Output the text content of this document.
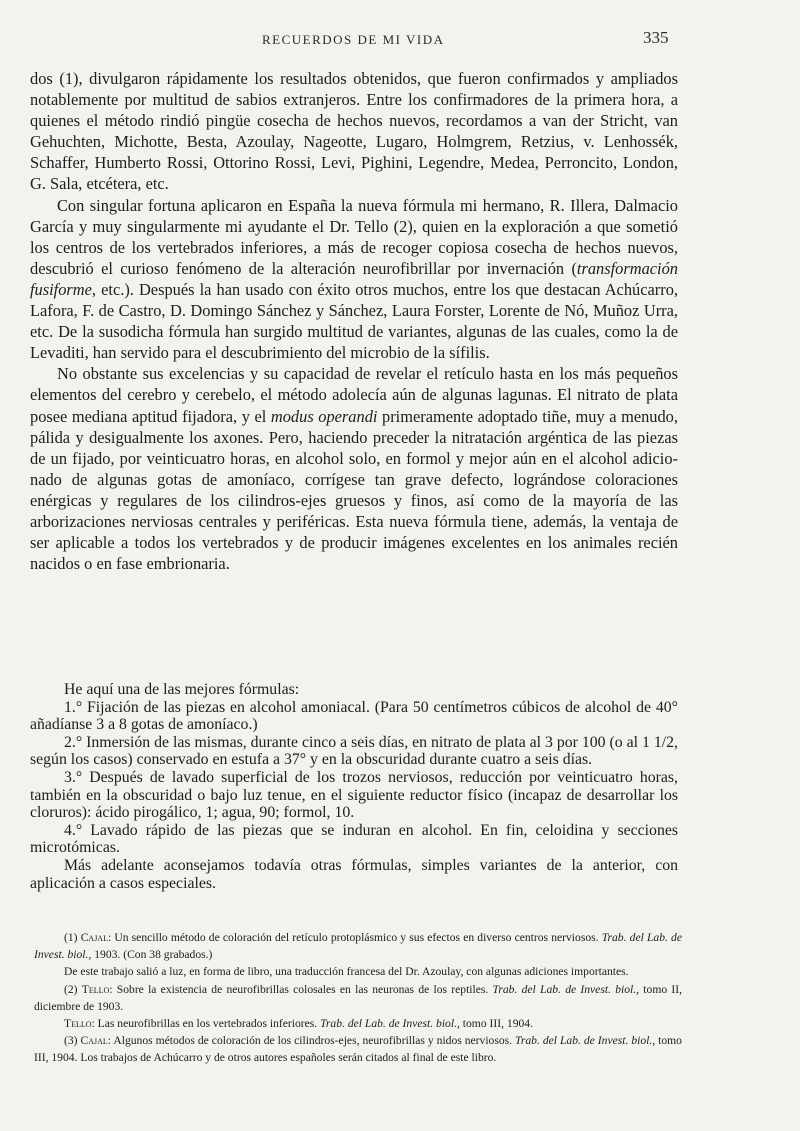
RECUERDOS DE MI VIDA	335

dos (1), divulgaron rápidamente los resultados obtenidos, que fueron confirmados y ampliados notablemente por multitud de sabios extranjeros. Entre los confirmadores de la primera hora, a quienes el método rindió pingüe cosecha de hechos nuevos, recordamos a van der Stricht, van Gehuchten, Michotte, Besta, Azoulay, Nageotte, Lugaro, Holmgrem, Retzius, v. Lenhossék, Schaffer, Humberto Rossi, Ottorino Rossi, Levi, Pighini, Legendre, Medea, Perroncito, London, G. Sala, etcétera, etc.

Con singular fortuna aplicaron en España la nueva fórmula mi hermano, R. Illera, Dalmacio García y muy singularmente mi ayudante el Dr. Tello (2), quien en la exploración a que sometió los centros de los vertebrados inferiores, a más de recoger copiosa cosecha de hechos nuevos, descubrió el curioso fenómeno de la alteración neurofibrillar por invernación (transformación fusiforme, etc.). Después la han usado con éxito otros muchos, entre los que destacan Achúcarro, Lafora, F. de Castro, D. Domingo Sánchez y Sánchez, Laura Forster, Lorente de Nó, Muñoz Urra, etc. De la susodicha fórmula han surgido multitud de variantes, algunas de las cuales, como la de Levaditi, han servido para el descubrimiento del microbio de la sífilis.

No obstante sus excelencias y su capacidad de revelar el retículo hasta en los más pequeños elementos del cerebro y cerebelo, el método adolecía aún de algunas lagunas. El nitrato de plata posee mediana aptitud fijadora, y el modus operandi primeramente adoptado tiñe, muy a menudo, pálida y desigualmente los axones. Pero, haciendo preceder la nitratación argéntica de las piezas de un fijado, por veinticuatro horas, en alcohol solo, en formol y mejor aún en el alcohol adicionado de algunas gotas de amoníaco, corrígese tan grave defecto, lográndose coloraciones enérgicas y regulares de los cilindros-ejes gruesos y finos, así como de la mayoría de las arborizaciones nerviosas centrales y periféricas. Esta nueva fórmula tiene, además, la ventaja de ser aplicable a todos los vertebrados y de producir imágenes excelentes en los animales recién nacidos o en fase embrionaria.

He aquí una de las mejores fórmulas:

1.° Fijación de las piezas en alcohol amoniacal. (Para 50 centímetros cúbicos de alcohol de 40° añadíanse 3 a 8 gotas de amoníaco.)

2.° Inmersión de las mismas, durante cinco a seis días, en nitrato de plata al 3 por 100 (o al 1 1/2, según los casos) conservado en estufa a 37° y en la obscuridad durante cuatro a seis días.

3.° Después de lavado superficial de los trozos nerviosos, reducción por veinticuatro horas, también en la obscuridad o bajo luz tenue, en el siguiente reductor físico (incapaz de desarrollar los cloruros): ácido pirogálico, 1; agua, 90; formol, 10.

4.° Lavado rápido de las piezas que se induran en alcohol. En fin, celoidina y secciones microtómicas.

Más adelante aconsejamos todavía otras fórmulas, simples variantes de la anterior, con aplicación a casos especiales.

(1) Cajal: Un sencillo método de coloración del retículo protoplásmico y sus efectos en diverso centros nerviosos. Trab. del Lab. de Invest. biol., 1903. (Con 38 grabados.)

De este trabajo salió a luz, en forma de libro, una traducción francesa del Dr. Azoulay, con algunas adiciones importantes.

(2) Tello: Sobre la existencia de neurofibrillas colosales en las neuronas de los reptiles. Trab. del Lab. de Invest. biol., tomo II, diciembre de 1903.

Tello: Las neurofibrillas en los vertebrados inferiores. Trab. del Lab. de Invest. biol., tomo III, 1904.

(3) Cajal: Algunos métodos de coloración de los cilindros-ejes, neurofibrillas y nidos nerviosos. Trab. del Lab. de Invest. biol., tomo III, 1904. Los trabajos de Achúcarro y de otros autores españoles serán citados al final de este libro.
